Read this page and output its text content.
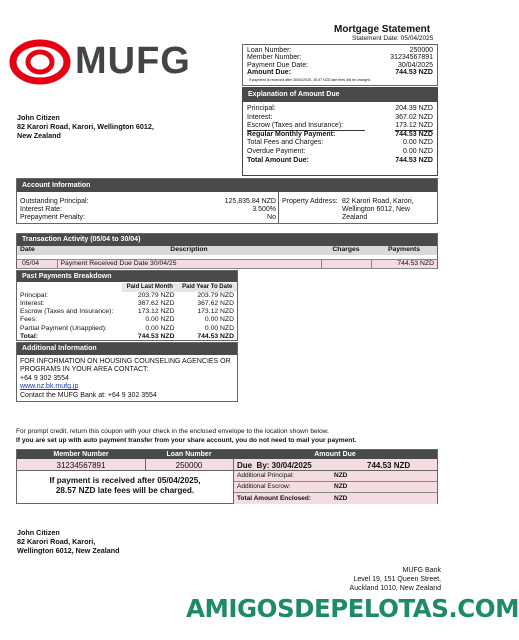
Mortgage Statement
Statement Date: 05/04/2025
MUFG	Loan Number:	250000
Member Number:	31234567891
Payment Due Date:	30/04/2025
Amount Due:	744.53 NZD
If payment is received after 30/04/2025, 28.57 NZD late fees will be charged.
Explanation of Amount Due
Principal:	204.39 NZD
Interest:	367.02 NZD
Escrow (Taxes and Insurance):	173.12 NZD
Regular Monthly Payment:	744.53 NZD
Total Fees and Charges:	0.00 NZD
Overdue Payment:	0.00 NZD
Total Amount Due:	744.53 NZD
John Citizen
82 Karori Road, Karori, Wellington 6012,
New Zealand
Account Information
Outstanding Principal:	125,835.84 NZD
Interest Rate:	3.500%
Prepayment Penalty:	No
Property Address: 82 Karori Road, Karori,
Wellington 6012, New
Zealand
Transaction Activity (05/04 to 30/04)
Date	Description	Charges	Payments

05/04	Payment Received Due Date 30/04/25		744.53 NZD
Past Payments Breakdown
	Paid Last Month	Paid Year To Date
Principal:	203.79 NZD	203.79 NZD
Interest:	367.62 NZD	367.62 NZD
Escrow (Taxes and Insurance):	173.12 NZD	173.12 NZD
Fees:	0.00 NZD	0.00 NZD
Partial Payment (Unapplied):	0.00 NZD	0.00 NZD
Total:	744.53 NZD	744.53 NZD
Additional Information
FOR INFORMATION ON HOUSING COUNSELING AGENCIES OR
PROGRAMS IN YOUR AREA CONTACT:
+64 9 302 3554
www.nz.bk.mufg.jp
Contact the MUFG Bank at: +64 9 302 3554
For prompt credit, return this coupon with your check in the enclosed envelope to the location shown below.
If you are set up with auto payment transfer from your share account, you do not need to mail your payment.
Member Number	Loan Number	Amount Due
31234567891	250000	Due  By: 30/04/2025	744.53 NZD
If payment is received after 05/04/2025,
28.57 NZD late fees will be charged.
Additional Principal:	NZD
Additional Escrow:	NZD
Total Amount Enclosed:	NZD
John Citizen
82 Karori Road, Karori,
Wellington 6012, New Zealand
MUFG Bank
Level 19, 151 Queen Street,
Auckland 1010, New Zealand
AMIGOSDEPELOTAS.COM
